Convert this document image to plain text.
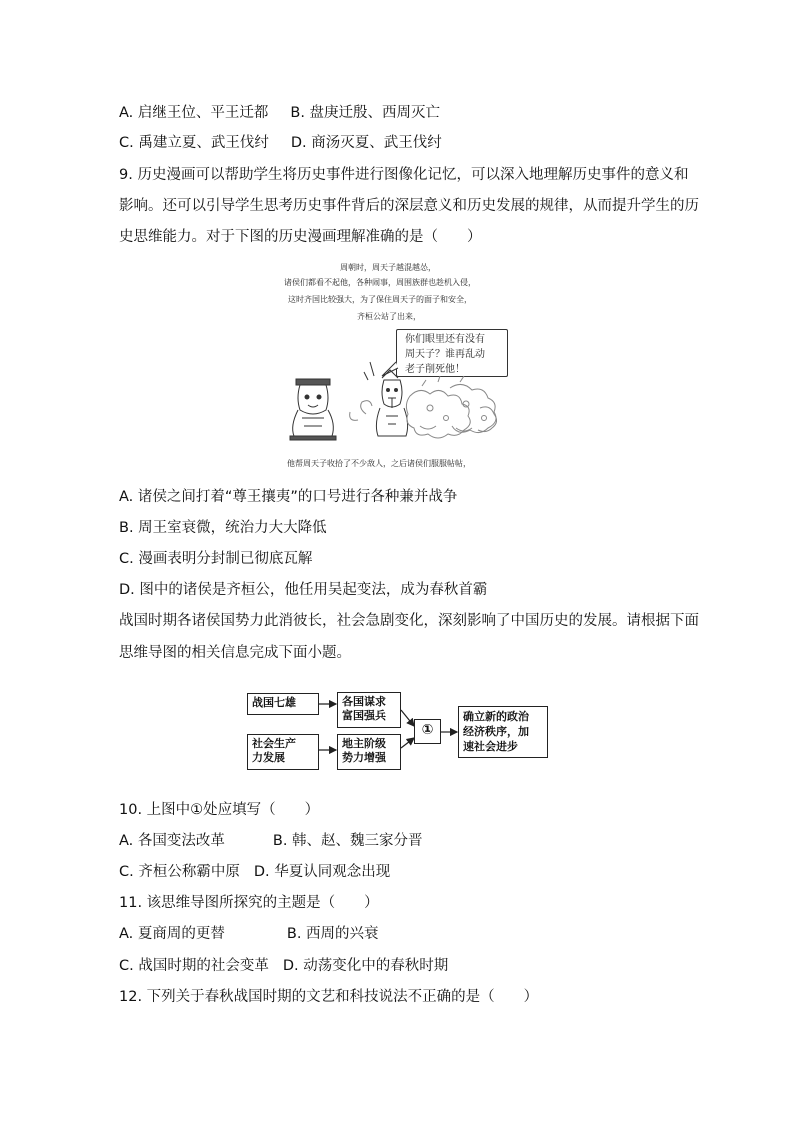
A. 启继王位、平王迁都 B. 盘庚迁殷、西周灭亡
C. 禹建立夏、武王伐纣 D. 商汤灭夏、武王伐纣
9. 历史漫画可以帮助学生将历史事件进行图像化记忆，可以深入地理解历史事件的意义和
影响。还可以引导学生思考历史事件背后的深层意义和历史发展的规律，从而提升学生的历
史思维能力。对于下图的历史漫画理解准确的是（　　）
周朝时，周天子越混越怂，
诸侯们都看不起他，各种闹事，周围族群也趁机入侵，
这时齐国比较强大，为了保住周天子的面子和安全，
齐桓公站了出来，
你们眼里还有没有
周天子？谁再乱动
老子削死他！
他帮周天子收拾了不少敌人，之后诸侯们服服帖帖，
A. 诸侯之间打着“尊王攘夷”的口号进行各种兼并战争
B. 周王室衰微，统治力大大降低
C. 漫画表明分封制已彻底瓦解
D. 图中的诸侯是齐桓公，他任用吴起变法，成为春秋首霸
战国时期各诸侯国势力此消彼长，社会急剧变化，深刻影响了中国历史的发展。请根据下面
思维导图的相关信息完成下面小题。
战国七雄	各国谋求
富国强兵
社会生产
力发展
地主阶级
势力增强
①
确立新的政治
经济秩序，加
速社会进步
10. 上图中①处应填写（　　）
A. 各国变法改革	B. 韩、赵、魏三家分晋
C. 齐桓公称霸中原 D. 华夏认同观念出现
11. 该思维导图所探究的主题是（　　）
A. 夏商周的更替	B. 西周的兴衰
C. 战国时期的社会变革 D. 动荡变化中的春秋时期
12. 下列关于春秋战国时期的文艺和科技说法不正确的是（　　）
